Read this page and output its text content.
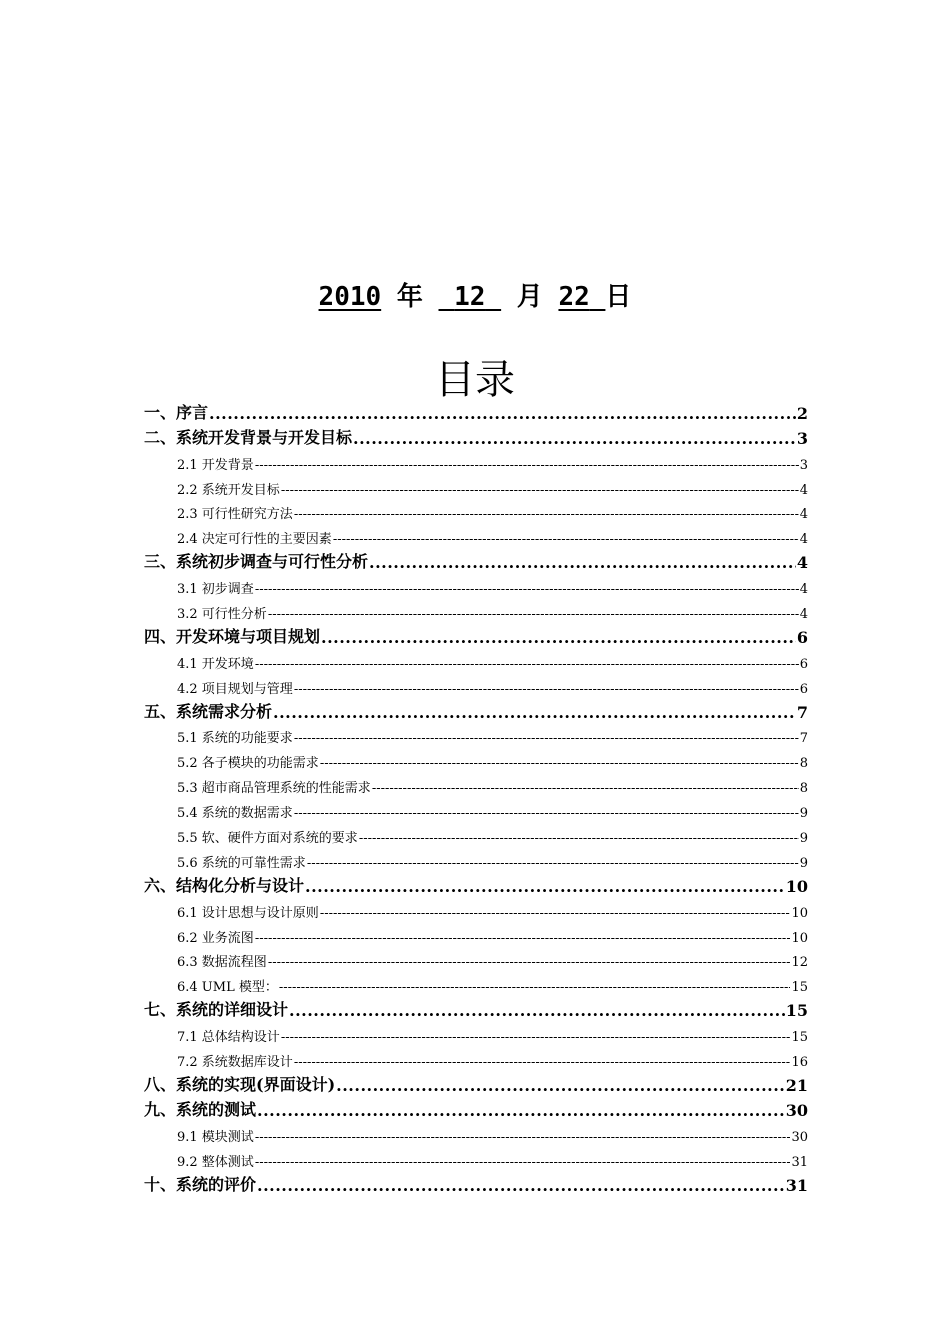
2010 年 12 月 22 日
目录
一、序言 .....	2
二、系统开发背景与开发目标 .....	3
2.1 开发背景 -----	3
2.2 系统开发目标 -----	4
2.3 可行性研究方法 -----	4
2.4 决定可行性的主要因素 -----	4
三、系统初步调查与可行性分析 .....	4
3.1 初步调查 -----	4
3.2 可行性分析 -----	4
四、开发环境与项目规划 .....	6
4.1 开发环境 -----	6
4.2 项目规划与管理 -----	6
五、系统需求分析 .....	7
5.1 系统的功能要求 -----	7
5.2 各子模块的功能需求 -----	8
5.3 超市商品管理系统的性能需求 -----	8
5.4 系统的数据需求 -----	9
5.5 软、硬件方面对系统的要求 -----	9
5.6 系统的可靠性需求 -----	9
六、结构化分析与设计 .....	10
6.1 设计思想与设计原则 -----	10
6.2 业务流图 -----	10
6.3 数据流程图 -----	12
6.4 UML 模型： -----	15
七、系统的详细设计 .....	15
7.1 总体结构设计 -----	15
7.2 系统数据库设计 -----	16
八、系统的实现(界面设计) .....	21
九、系统的测试 .....	30
9.1 模块测试 -----	30
9.2 整体测试 -----	31
十、系统的评价 .....	31
